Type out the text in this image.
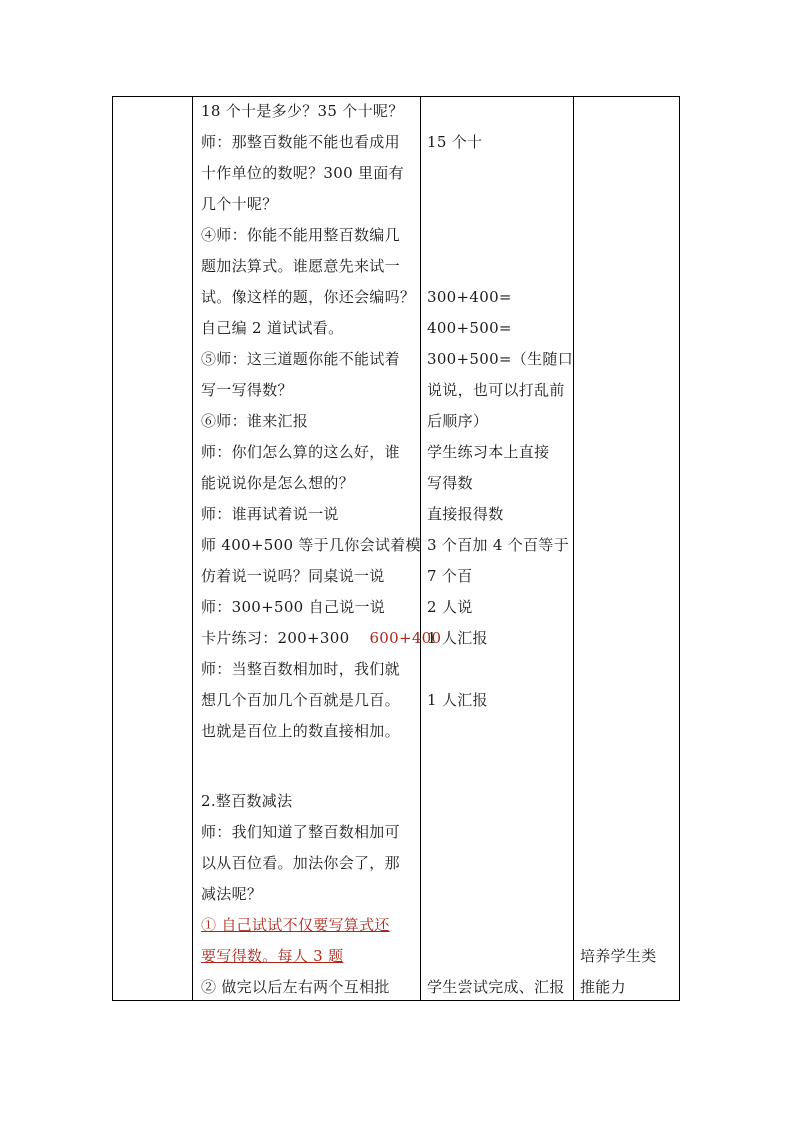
18 个十是多少？35 个十呢？
师：那整百数能不能也看成用
十作单位的数呢？300 里面有
几个十呢？
④师：你能不能用整百数编几
题加法算式。谁愿意先来试一
试。像这样的题，你还会编吗？
自己编 2 道试试看。
⑤师：这三道题你能不能试着
写一写得数？
⑥师：谁来汇报
师：你们怎么算的这么好，谁
能说说你是怎么想的？
师：谁再试着说一说
师 400+500 等于几你会试着模
仿着说一说吗？同桌说一说
师：300+500 自己说一说
卡片练习：200+300 600+400
师：当整百数相加时，我们就
想几个百加几个百就是几百。
也就是百位上的数直接相加。
2.整百数减法
师：我们知道了整百数相加可
以从百位看。加法你会了，那
减法呢？
① 自己试试不仅要写算式还
要写得数。每人 3 题
② 做完以后左右两个互相批
15 个十
300+400=
400+500=
300+500=（生随口
说说，也可以打乱前
后顺序）
学生练习本上直接
写得数
直接报得数
3 个百加 4 个百等于
7 个百
2 人说
1 人汇报
1 人汇报
学生尝试完成、汇报
培养学生类
推能力
